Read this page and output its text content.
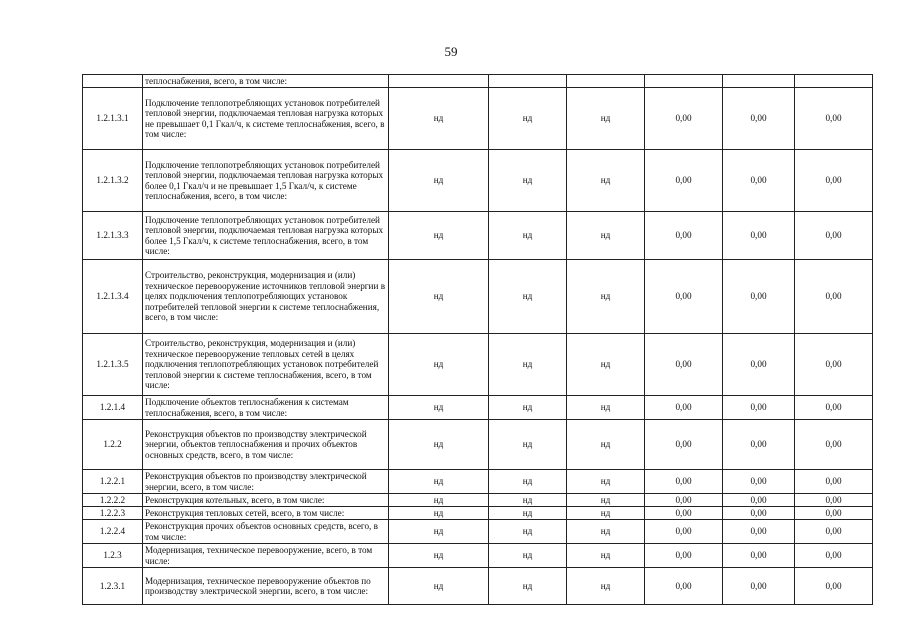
59
	теплоснабжения, всего, в том числе:						
1.2.1.3.1	Подключение теплопотребляющих установок потребителей тепловой энергии, подключаемая тепловая нагрузка которых не превышает 0,1 Гкал/ч, к системе теплоснабжения, всего, в том числе:	нд	нд	нд	0,00	0,00	0,00
1.2.1.3.2	Подключение теплопотребляющих установок потребителей тепловой энергии, подключаемая тепловая нагрузка которых более 0,1 Гкал/ч и не превышает 1,5 Гкал/ч, к системе теплоснабжения, всего, в том числе:	нд	нд	нд	0,00	0,00	0,00
1.2.1.3.3	Подключение теплопотребляющих установок потребителей тепловой энергии, подключаемая тепловая нагрузка которых более 1,5 Гкал/ч, к системе теплоснабжения, всего, в том числе:	нд	нд	нд	0,00	0,00	0,00
1.2.1.3.4	Строительство, реконструкция, модернизация и (или) техническое перевооружение источников тепловой энергии в целях подключения теплопотребляющих установок потребителей тепловой энергии к системе теплоснабжения, всего, в том числе:	нд	нд	нд	0,00	0,00	0,00
1.2.1.3.5	Строительство, реконструкция, модернизация и (или) техническое перевооружение тепловых сетей в целях подключения теплопотребляющих установок потребителей тепловой энергии к системе теплоснабжения, всего, в том числе:	нд	нд	нд	0,00	0,00	0,00
1.2.1.4	Подключение объектов теплоснабжения к системам теплоснабжения, всего, в том числе:	нд	нд	нд	0,00	0,00	0,00
1.2.2	Реконструкция объектов по производству электрической энергии, объектов теплоснабжения и прочих объектов основных средств, всего, в том числе:	нд	нд	нд	0,00	0,00	0,00
1.2.2.1	Реконструкция объектов по производству электрической энергии, всего, в том числе:	нд	нд	нд	0,00	0,00	0,00
1.2.2.2	Реконструкция котельных, всего, в том числе:	нд	нд	нд	0,00	0,00	0,00
1.2.2.3	Реконструкция тепловых сетей, всего, в том числе:	нд	нд	нд	0,00	0,00	0,00
1.2.2.4	Реконструкция прочих объектов основных средств, всего, в том числе:	нд	нд	нд	0,00	0,00	0,00
1.2.3	Модернизация, техническое перевооружение, всего, в том числе:	нд	нд	нд	0,00	0,00	0,00
1.2.3.1	Модернизация, техническое перевооружение объектов по производству электрической энергии, всего, в том числе:	нд	нд	нд	0,00	0,00	0,00
